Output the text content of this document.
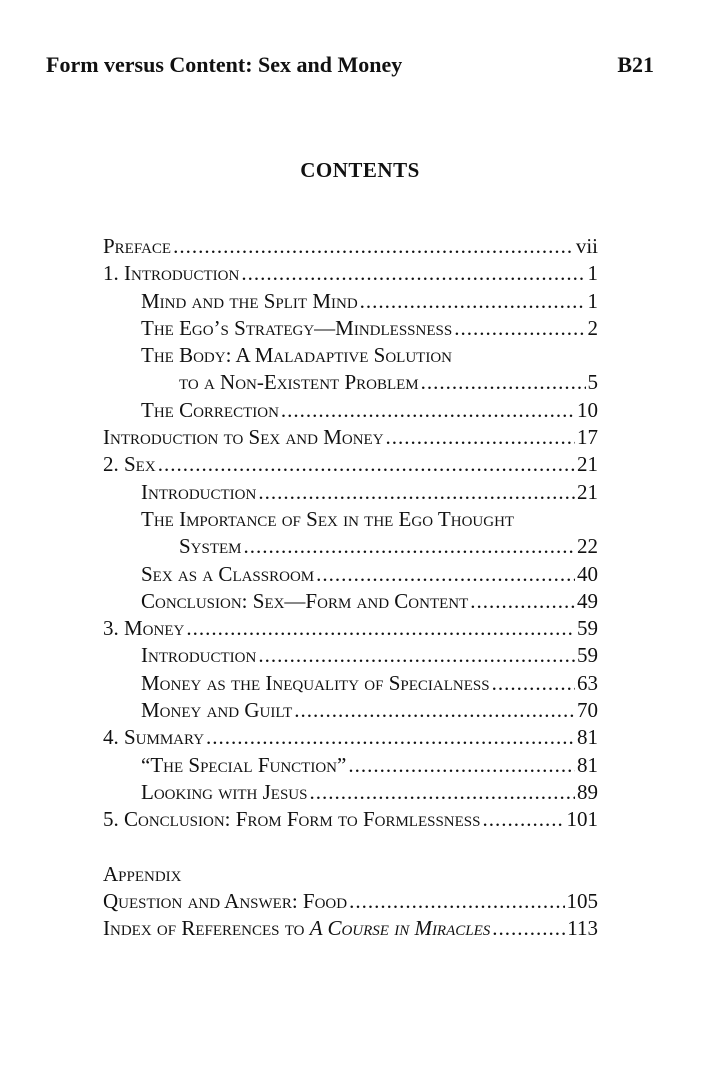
Form versus Content: Sex and Money	B21
CONTENTS
Preface .....	vii
1. Introduction .....	1
Mind and the Split Mind .....	1
The Ego’s Strategy—Mindlessness .....	2
The Body: A Maladaptive Solution
to a Non-Existent Problem .....	5
The Correction .....	10
Introduction to Sex and Money .....	17
2. Sex .....	21
Introduction .....	21
The Importance of Sex in the Ego Thought
System .....	22
Sex as a Classroom .....	40
Conclusion: Sex—Form and Content .....	49
3. Money .....	59
Introduction .....	59
Money as the Inequality of Specialness .....	63
Money and Guilt .....	70
4. Summary .....	81
“The Special Function” .....	81
Looking with Jesus .....	89
5. Conclusion: From Form to Formlessness .....	101
Appendix
Question and Answer: Food .....	105
Index of References to A Course in Miracles .....	113
